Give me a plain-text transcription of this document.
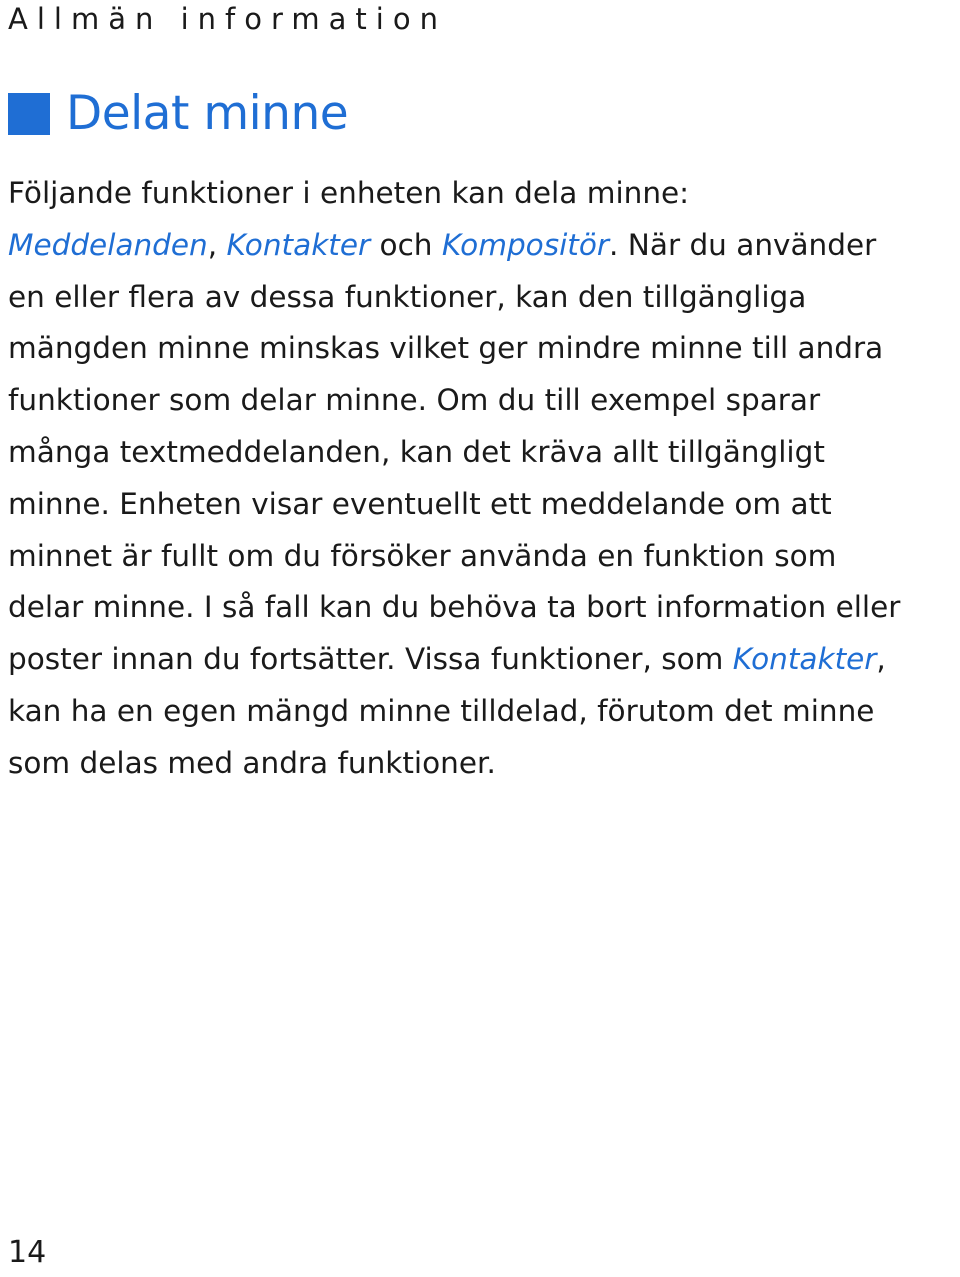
Allmän information
Delat minne
Följande funktioner i enheten kan dela minne:
Meddelanden, Kontakter och Kompositör. När du använder
en eller flera av dessa funktioner, kan den tillgängliga
mängden minne minskas vilket ger mindre minne till andra
funktioner som delar minne. Om du till exempel sparar
många textmeddelanden, kan det kräva allt tillgängligt
minne. Enheten visar eventuellt ett meddelande om att
minnet är fullt om du försöker använda en funktion som
delar minne. I så fall kan du behöva ta bort information eller
poster innan du fortsätter. Vissa funktioner, som Kontakter,
kan ha en egen mängd minne tilldelad, förutom det minne
som delas med andra funktioner.
14
